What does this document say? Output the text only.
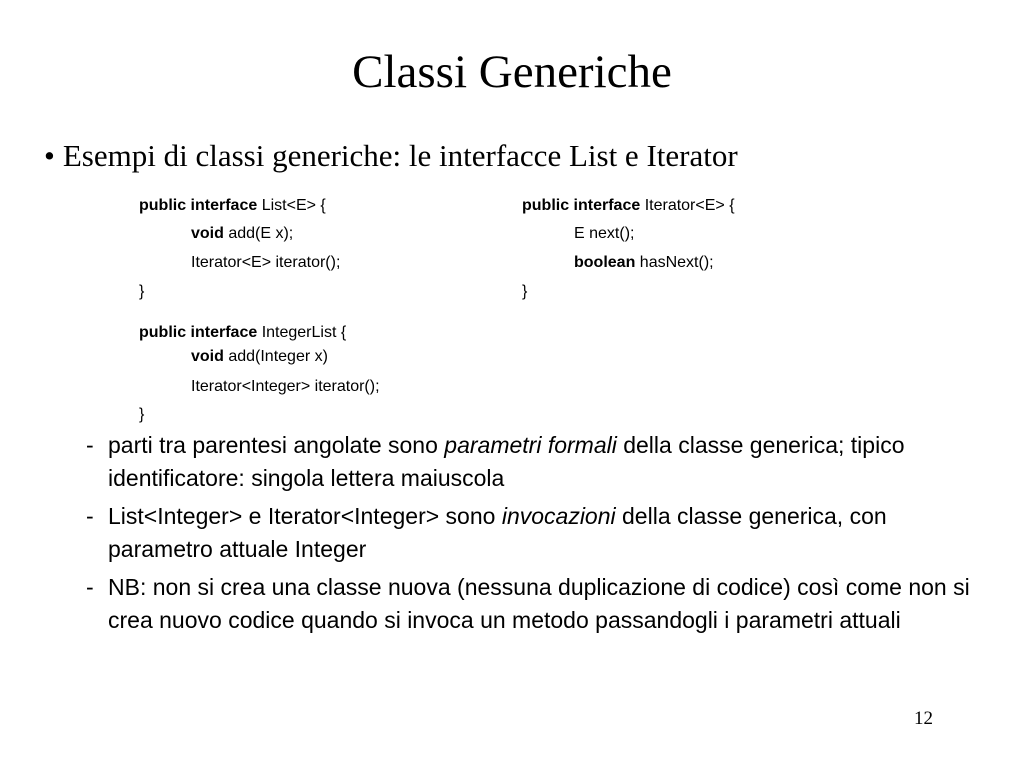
Classi Generiche
• Esempi di classi generiche: le interfacce List e Iterator
public interface List<E> {
void add(E x);
Iterator<E> iterator();
}
public interface Iterator<E> {
E next();
boolean hasNext();
}
public interface IntegerList {
void add(Integer x)
Iterator<Integer> iterator();
}
- parti tra parentesi angolate sono parametri formali della classe generica; tipico identificatore: singola lettera maiuscola
- List<Integer> e Iterator<Integer> sono invocazioni della classe generica, con parametro attuale Integer
- NB: non si crea una classe nuova (nessuna duplicazione di codice) così come non si crea nuovo codice quando si invoca un metodo passandogli i parametri attuali
12
